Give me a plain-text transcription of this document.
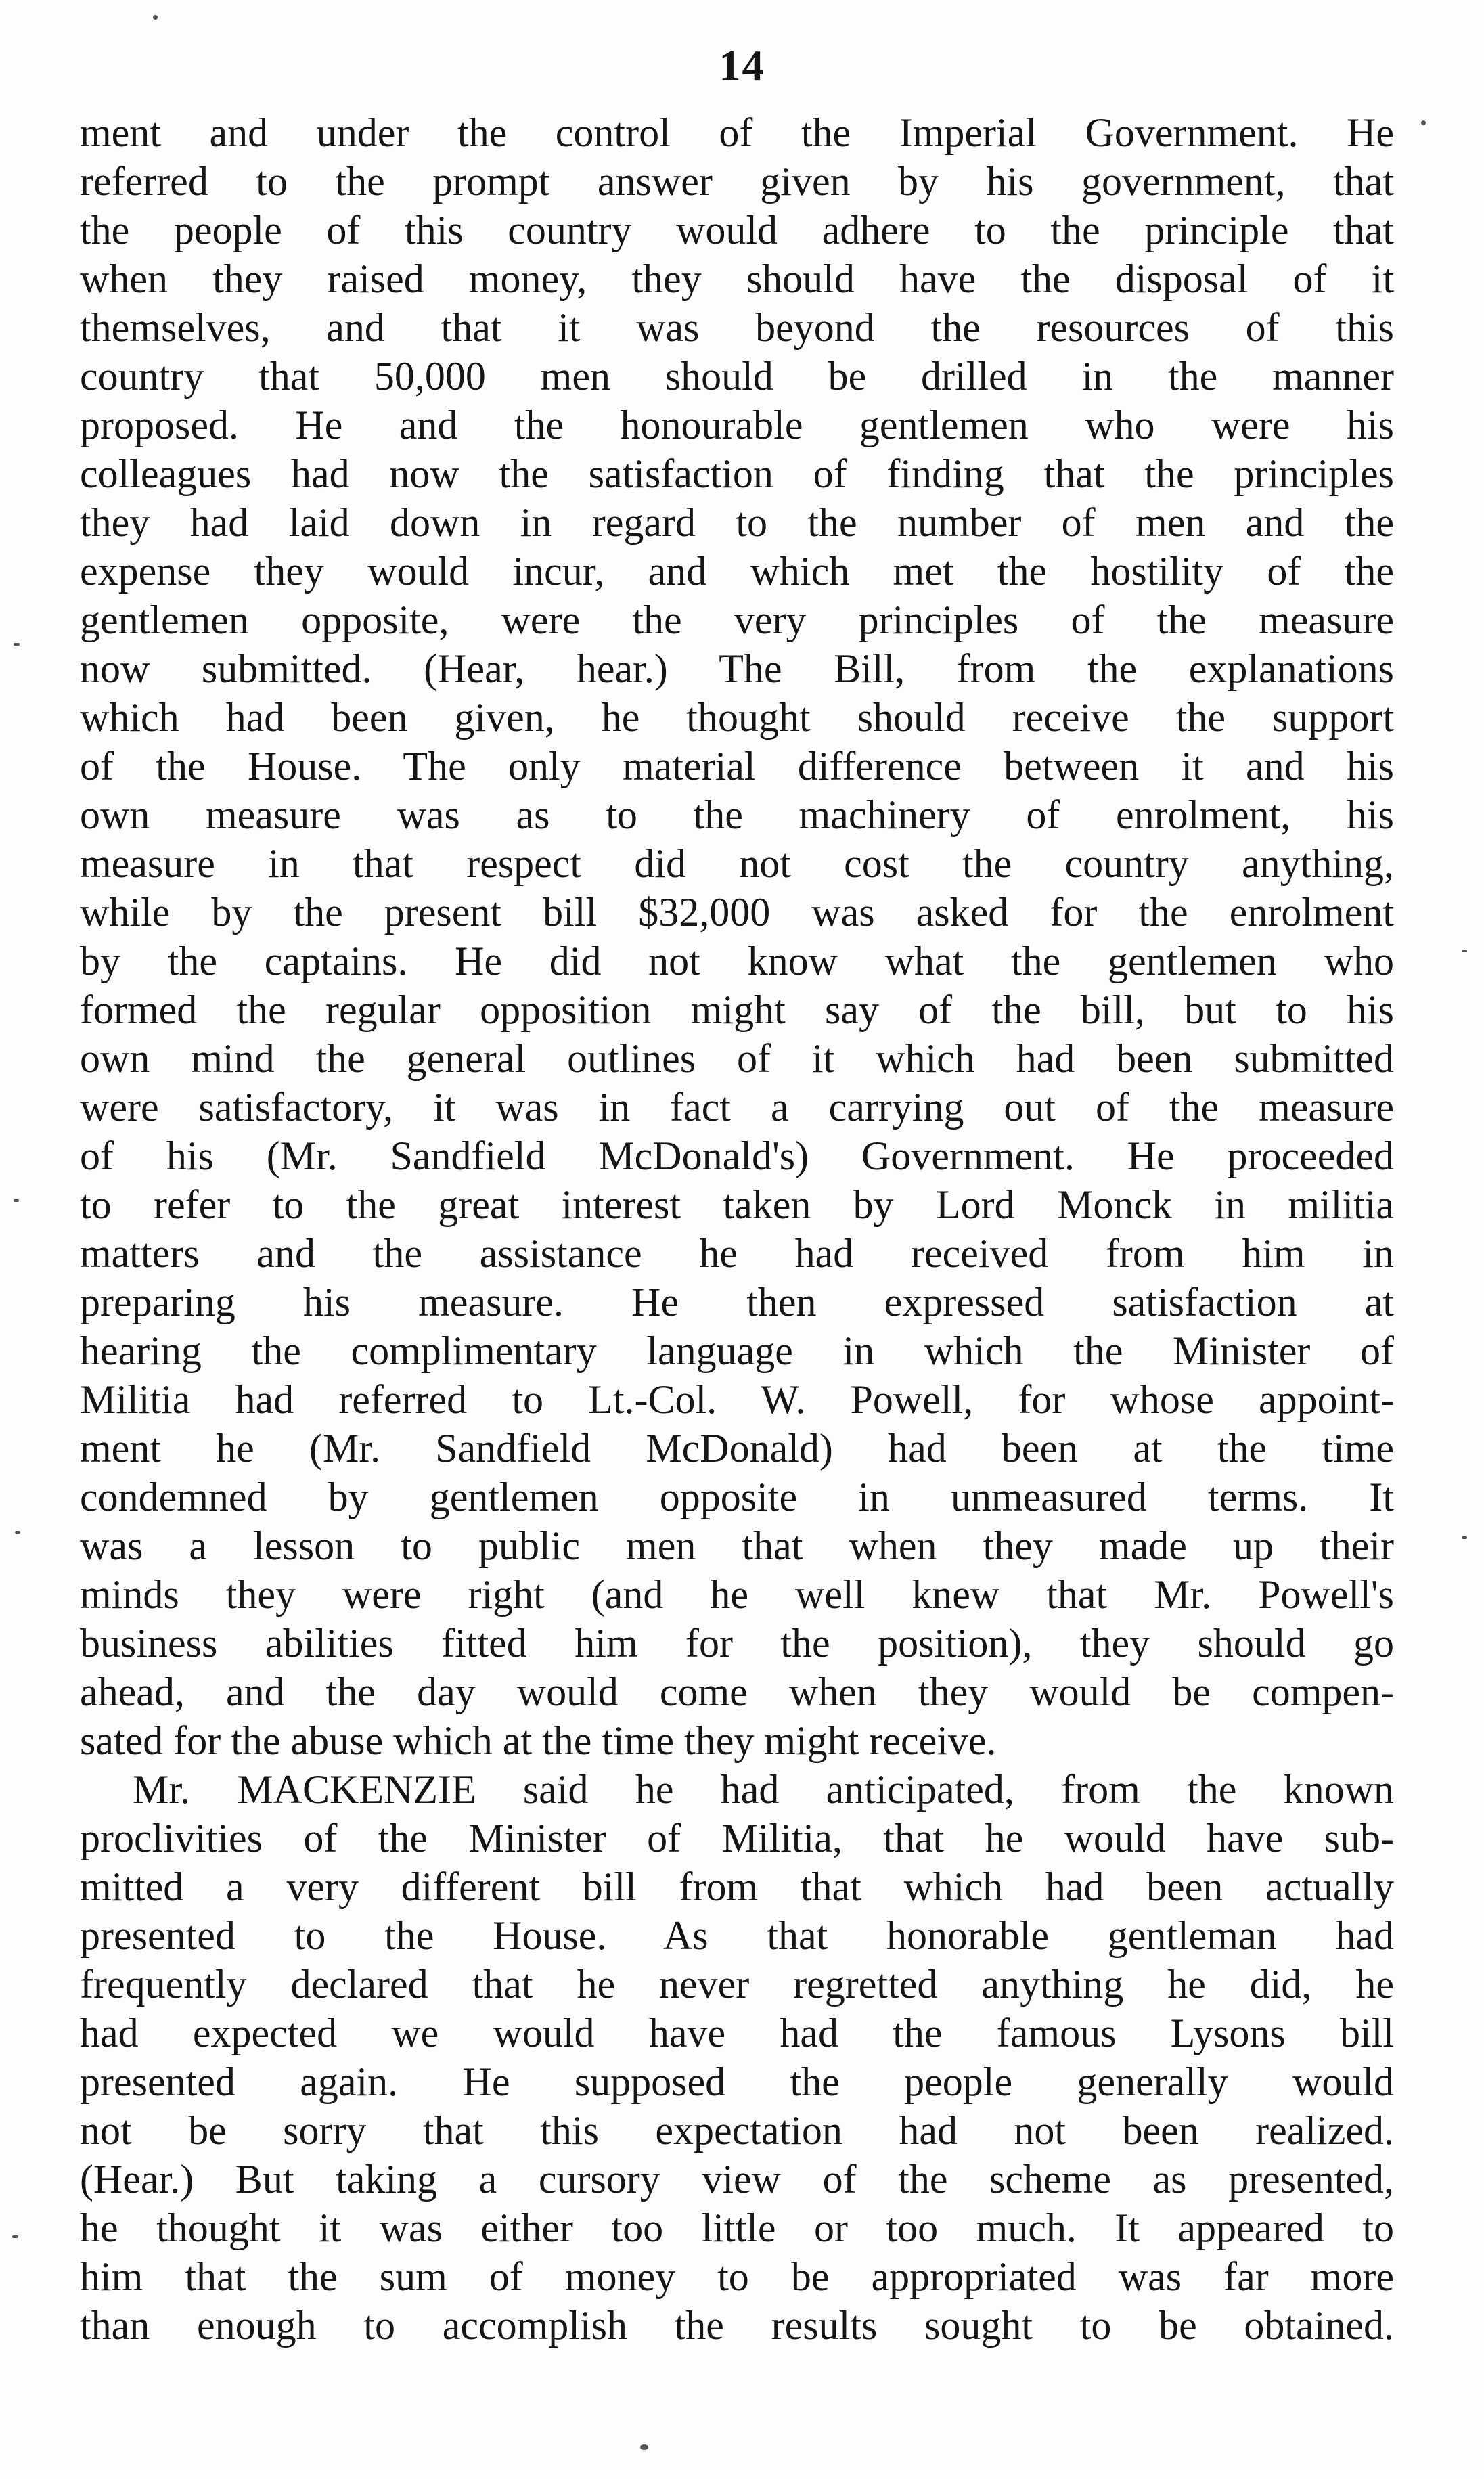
14
ment and under the control of the Imperial Government. He
referred to the prompt answer given by his government, that
the people of this country would adhere to the principle that
when they raised money, they should have the disposal of it
themselves, and that it was beyond the resources of this
country that 50,000 men should be drilled in the manner
proposed. He and the honourable gentlemen who were his
colleagues had now the satisfaction of finding that the principles
they had laid down in regard to the number of men and the
expense they would incur, and which met the hostility of the
gentlemen opposite, were the very principles of the measure
now submitted. (Hear, hear.) The Bill, from the explanations
which had been given, he thought should receive the support
of the House. The only material difference between it and his
own measure was as to the machinery of enrolment, his
measure in that respect did not cost the country anything,
while by the present bill $32,000 was asked for the enrolment
by the captains. He did not know what the gentlemen who
formed the regular opposition might say of the bill, but to his
own mind the general outlines of it which had been submitted
were satisfactory, it was in fact a carrying out of the measure
of his (Mr. Sandfield McDonald's) Government. He proceeded
to refer to the great interest taken by Lord Monck in militia
matters and the assistance he had received from him in
preparing his measure. He then expressed satisfaction at
hearing the complimentary language in which the Minister of
Militia had referred to Lt.-Col. W. Powell, for whose appoint-
ment he (Mr. Sandfield McDonald) had been at the time
condemned by gentlemen opposite in unmeasured terms. It
was a lesson to public men that when they made up their
minds they were right (and he well knew that Mr. Powell's
business abilities fitted him for the position), they should go
ahead, and the day would come when they would be compen-
sated for the abuse which at the time they might receive.
Mr. MACKENZIE said he had anticipated, from the known
proclivities of the Minister of Militia, that he would have sub-
mitted a very different bill from that which had been actually
presented to the House. As that honorable gentleman had
frequently declared that he never regretted anything he did, he
had expected we would have had the famous Lysons bill
presented again. He supposed the people generally would
not be sorry that this expectation had not been realized.
(Hear.) But taking a cursory view of the scheme as presented,
he thought it was either too little or too much. It appeared to
him that the sum of money to be appropriated was far more
than enough to accomplish the results sought to be obtained.
